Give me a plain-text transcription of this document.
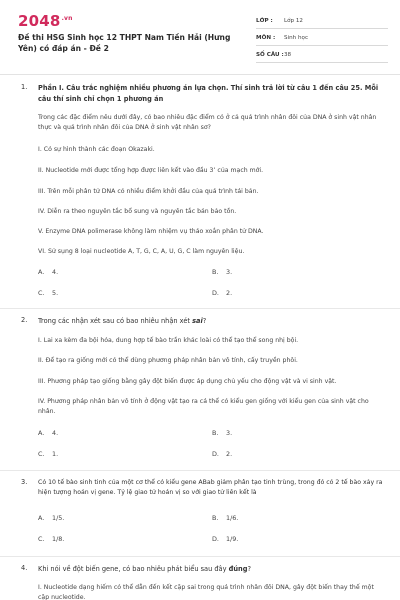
$2048^{.vn}$
Đề thi HSG Sinh học 12 THPT Nam Tiền Hải (Hưng Yên) có đáp án - Đề 2
LỚP : Lớp 12
MÔN : Sinh học
SỐ CÂU : 38
1. Phần I. Câu trắc nghiệm nhiều phương án lựa chọn. Thí sinh trả lời từ câu 1 đến câu 25. Mỗi câu thí sinh chỉ chọn 1 phương án
Trong các đặc điểm nêu dưới đây, có bao nhiêu đặc điểm có ở cả quá trình nhân đôi của DNA ở sinh vật nhân thực và quá trình nhân đôi của DNA ở sinh vật nhân sơ?
I. Có sự hình thành các đoạn Okazaki.
II. Nucleotide mới được tổng hợp được liên kết vào đầu 3’ của mạch mới.
III. Trên mỗi phân tử DNA có nhiều điểm khởi đầu của quá trình tái bản.
IV. Diễn ra theo nguyên tắc bổ sung và nguyên tắc bán bảo tồn.
V. Enzyme DNA polimerase không làm nhiệm vụ tháo xoắn phân tử DNA.
VI. Sử sụng 8 loại nucleotide A, T, G, C, A, U, G, C làm nguyên liệu.
A. 4.	B. 3.
C. 5.	D. 2.
2. Trong các nhận xét sau có bao nhiêu nhận xét sai?
I. Lai xa kèm đa bội hóa, dung hợp tế bào trần khác loài có thể tạo thể song nhị bội.
II. Để tạo ra giống mới có thể dùng phương pháp nhân bản vô tính, cấy truyền phôi.
III. Phương pháp tạo giống bằng gây đột biến được áp dụng chủ yếu cho động vật và vi sinh vật.
IV. Phương pháp nhân bản vô tính ở động vật tạo ra cá thể có kiểu gen giống với kiểu gen của sinh vật cho nhân.
A. 4.	B. 3.
C. 1.	D. 2.
3. Có 10 tế bào sinh tinh của một cơ thể có kiểu gene ABab giảm phân tạo tinh trùng, trong đó có 2 tế bào xảy ra hiện tượng hoán vị gene. Tỷ lệ giao tử hoán vị so với giao tử liên kết là
A. 1/5.	B. 1/6.
C. 1/8.	D. 1/9.
4. Khi nói về đột biến gene, có bao nhiêu phát biểu sau đây đúng?
I. Nucleotide dạng hiếm có thể dẫn đến kết cặp sai trong quá trình nhân đôi DNA, gây đột biến thay thế một cặp nucleotide.
